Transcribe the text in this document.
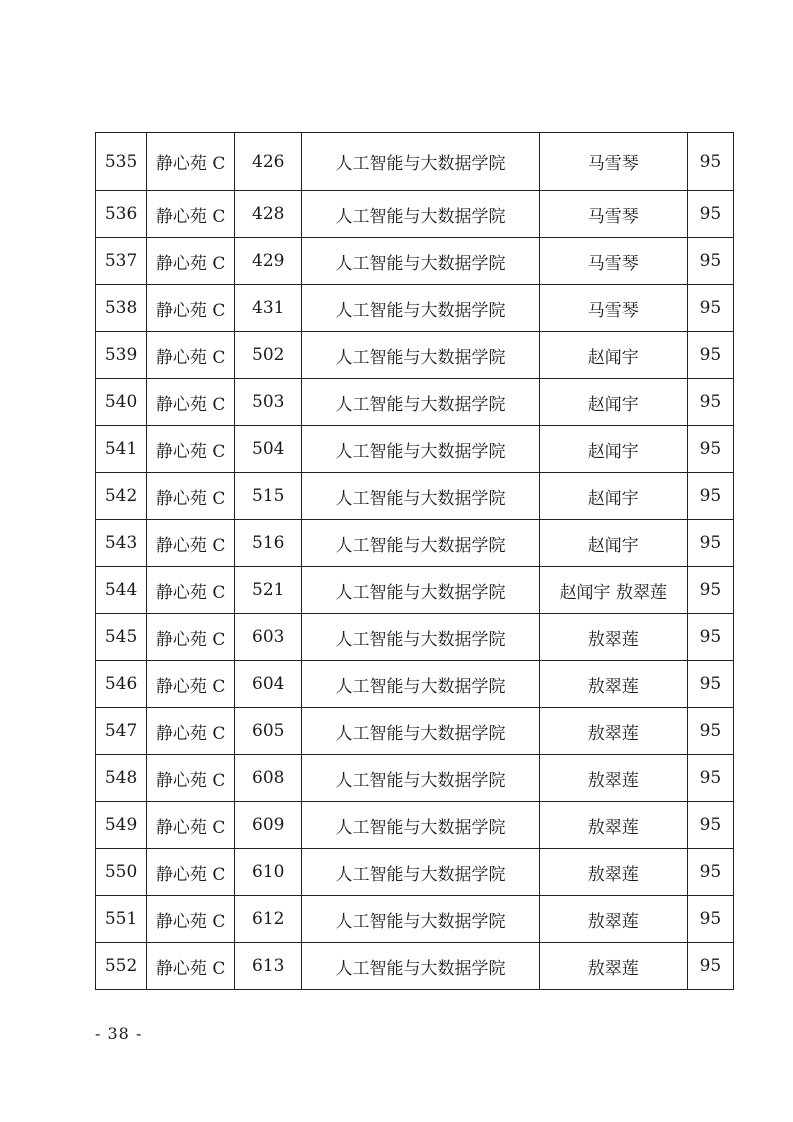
535	静心苑 C	426	人工智能与大数据学院	马雪琴	95
536	静心苑 C	428	人工智能与大数据学院	马雪琴	95
537	静心苑 C	429	人工智能与大数据学院	马雪琴	95
538	静心苑 C	431	人工智能与大数据学院	马雪琴	95
539	静心苑 C	502	人工智能与大数据学院	赵闻宇	95
540	静心苑 C	503	人工智能与大数据学院	赵闻宇	95
541	静心苑 C	504	人工智能与大数据学院	赵闻宇	95
542	静心苑 C	515	人工智能与大数据学院	赵闻宇	95
543	静心苑 C	516	人工智能与大数据学院	赵闻宇	95
544	静心苑 C	521	人工智能与大数据学院	赵闻宇 敖翠莲	95
545	静心苑 C	603	人工智能与大数据学院	敖翠莲	95
546	静心苑 C	604	人工智能与大数据学院	敖翠莲	95
547	静心苑 C	605	人工智能与大数据学院	敖翠莲	95
548	静心苑 C	608	人工智能与大数据学院	敖翠莲	95
549	静心苑 C	609	人工智能与大数据学院	敖翠莲	95
550	静心苑 C	610	人工智能与大数据学院	敖翠莲	95
551	静心苑 C	612	人工智能与大数据学院	敖翠莲	95
552	静心苑 C	613	人工智能与大数据学院	敖翠莲	95
- 38 -
